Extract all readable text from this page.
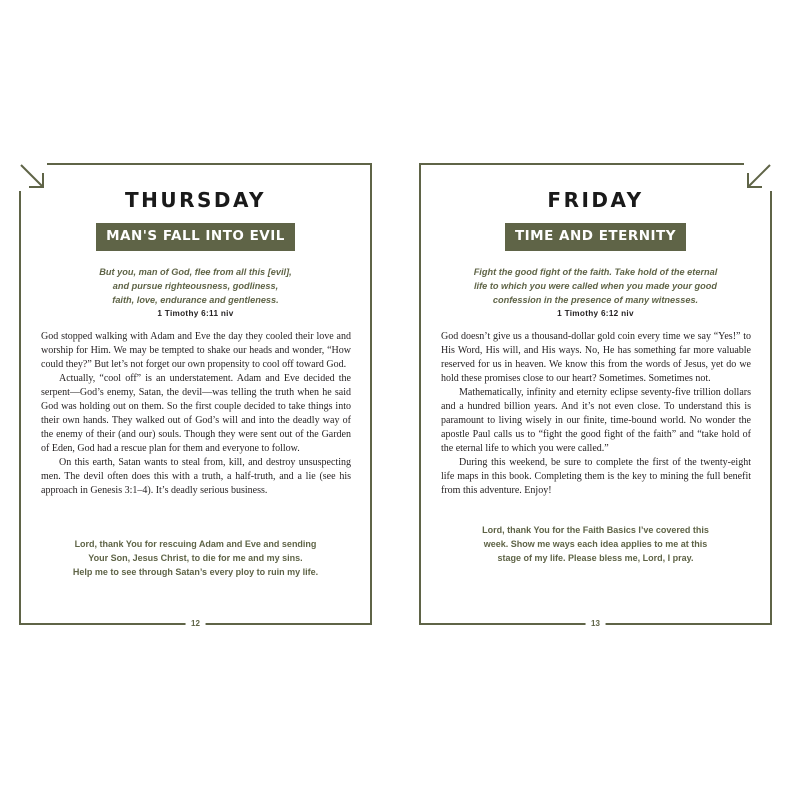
THURSDAY
MAN'S FALL INTO EVIL
But you, man of God, flee from all this [evil],
and pursue righteousness, godliness,
faith, love, endurance and gentleness.
1 Timothy 6:11 niv

God stopped walking with Adam and Eve the day they cooled their love and worship for Him. We may be tempted to shake our heads and wonder, “How could they?” But let’s not forget our own propensity to cool off toward God.

Actually, “cool off” is an understatement. Adam and Eve decided the serpent—God’s enemy, Satan, the devil—was telling the truth when he said God was holding out on them. So the first couple decided to take things into their own hands. They walked out of God’s will and into the deadly way of the enemy of their (and our) souls. Though they were sent out of the Garden of Eden, God had a rescue plan for them and everyone to follow.

On this earth, Satan wants to steal from, kill, and destroy unsuspecting men. The devil often does this with a truth, a half-truth, and a lie (see his approach in Genesis 3:1–4). It’s deadly serious business.

Lord, thank You for rescuing Adam and Eve and sending
Your Son, Jesus Christ, to die for me and my sins.
Help me to see through Satan’s every ploy to ruin my life.
12
FRIDAY
TIME AND ETERNITY
Fight the good fight of the faith. Take hold of the eternal
life to which you were called when you made your good
confession in the presence of many witnesses.
1 Timothy 6:12 niv

God doesn’t give us a thousand-dollar gold coin every time we say “Yes!” to His Word, His will, and His ways. No, He has something far more valuable reserved for us in heaven. We know this from the words of Jesus, yet do we hold these promises close to our heart? Sometimes. Sometimes not.

Mathematically, infinity and eternity eclipse seventy-five trillion dollars and a hundred billion years. And it’s not even close. To understand this is paramount to living wisely in our finite, time-bound world. No wonder the apostle Paul calls us to “fight the good fight of the faith” and “take hold of the eternal life to which you were called.”

During this weekend, be sure to complete the first of the twenty-eight life maps in this book. Completing them is the key to mining the full benefit from this adventure. Enjoy!

Lord, thank You for the Faith Basics I’ve covered this
week. Show me ways each idea applies to me at this
stage of my life. Please bless me, Lord, I pray.
13
